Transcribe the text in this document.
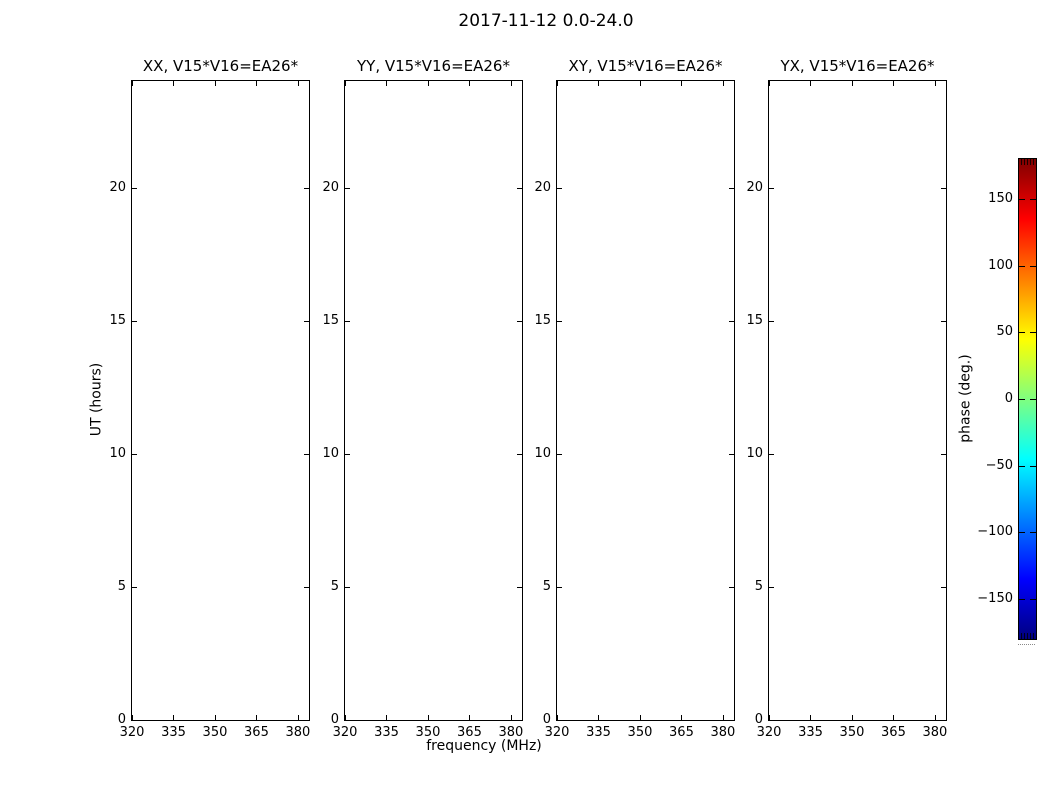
2017-11-12 0.0-24.0
XX, V15*V16=EA26*
320	335	350	365	380
0
5
10
15
20
YY, V15*V16=EA26*
320	335	350	365	380
0
5
10
15
20
XY, V15*V16=EA26*
320	335	350	365	380
0
5
10
15
20
YX, V15*V16=EA26*
320	335	350	365	380
0
5
10
15
20
UT (hours)
frequency (MHz)
150
100
50
0
−50
−100
−150
phase (deg.)
